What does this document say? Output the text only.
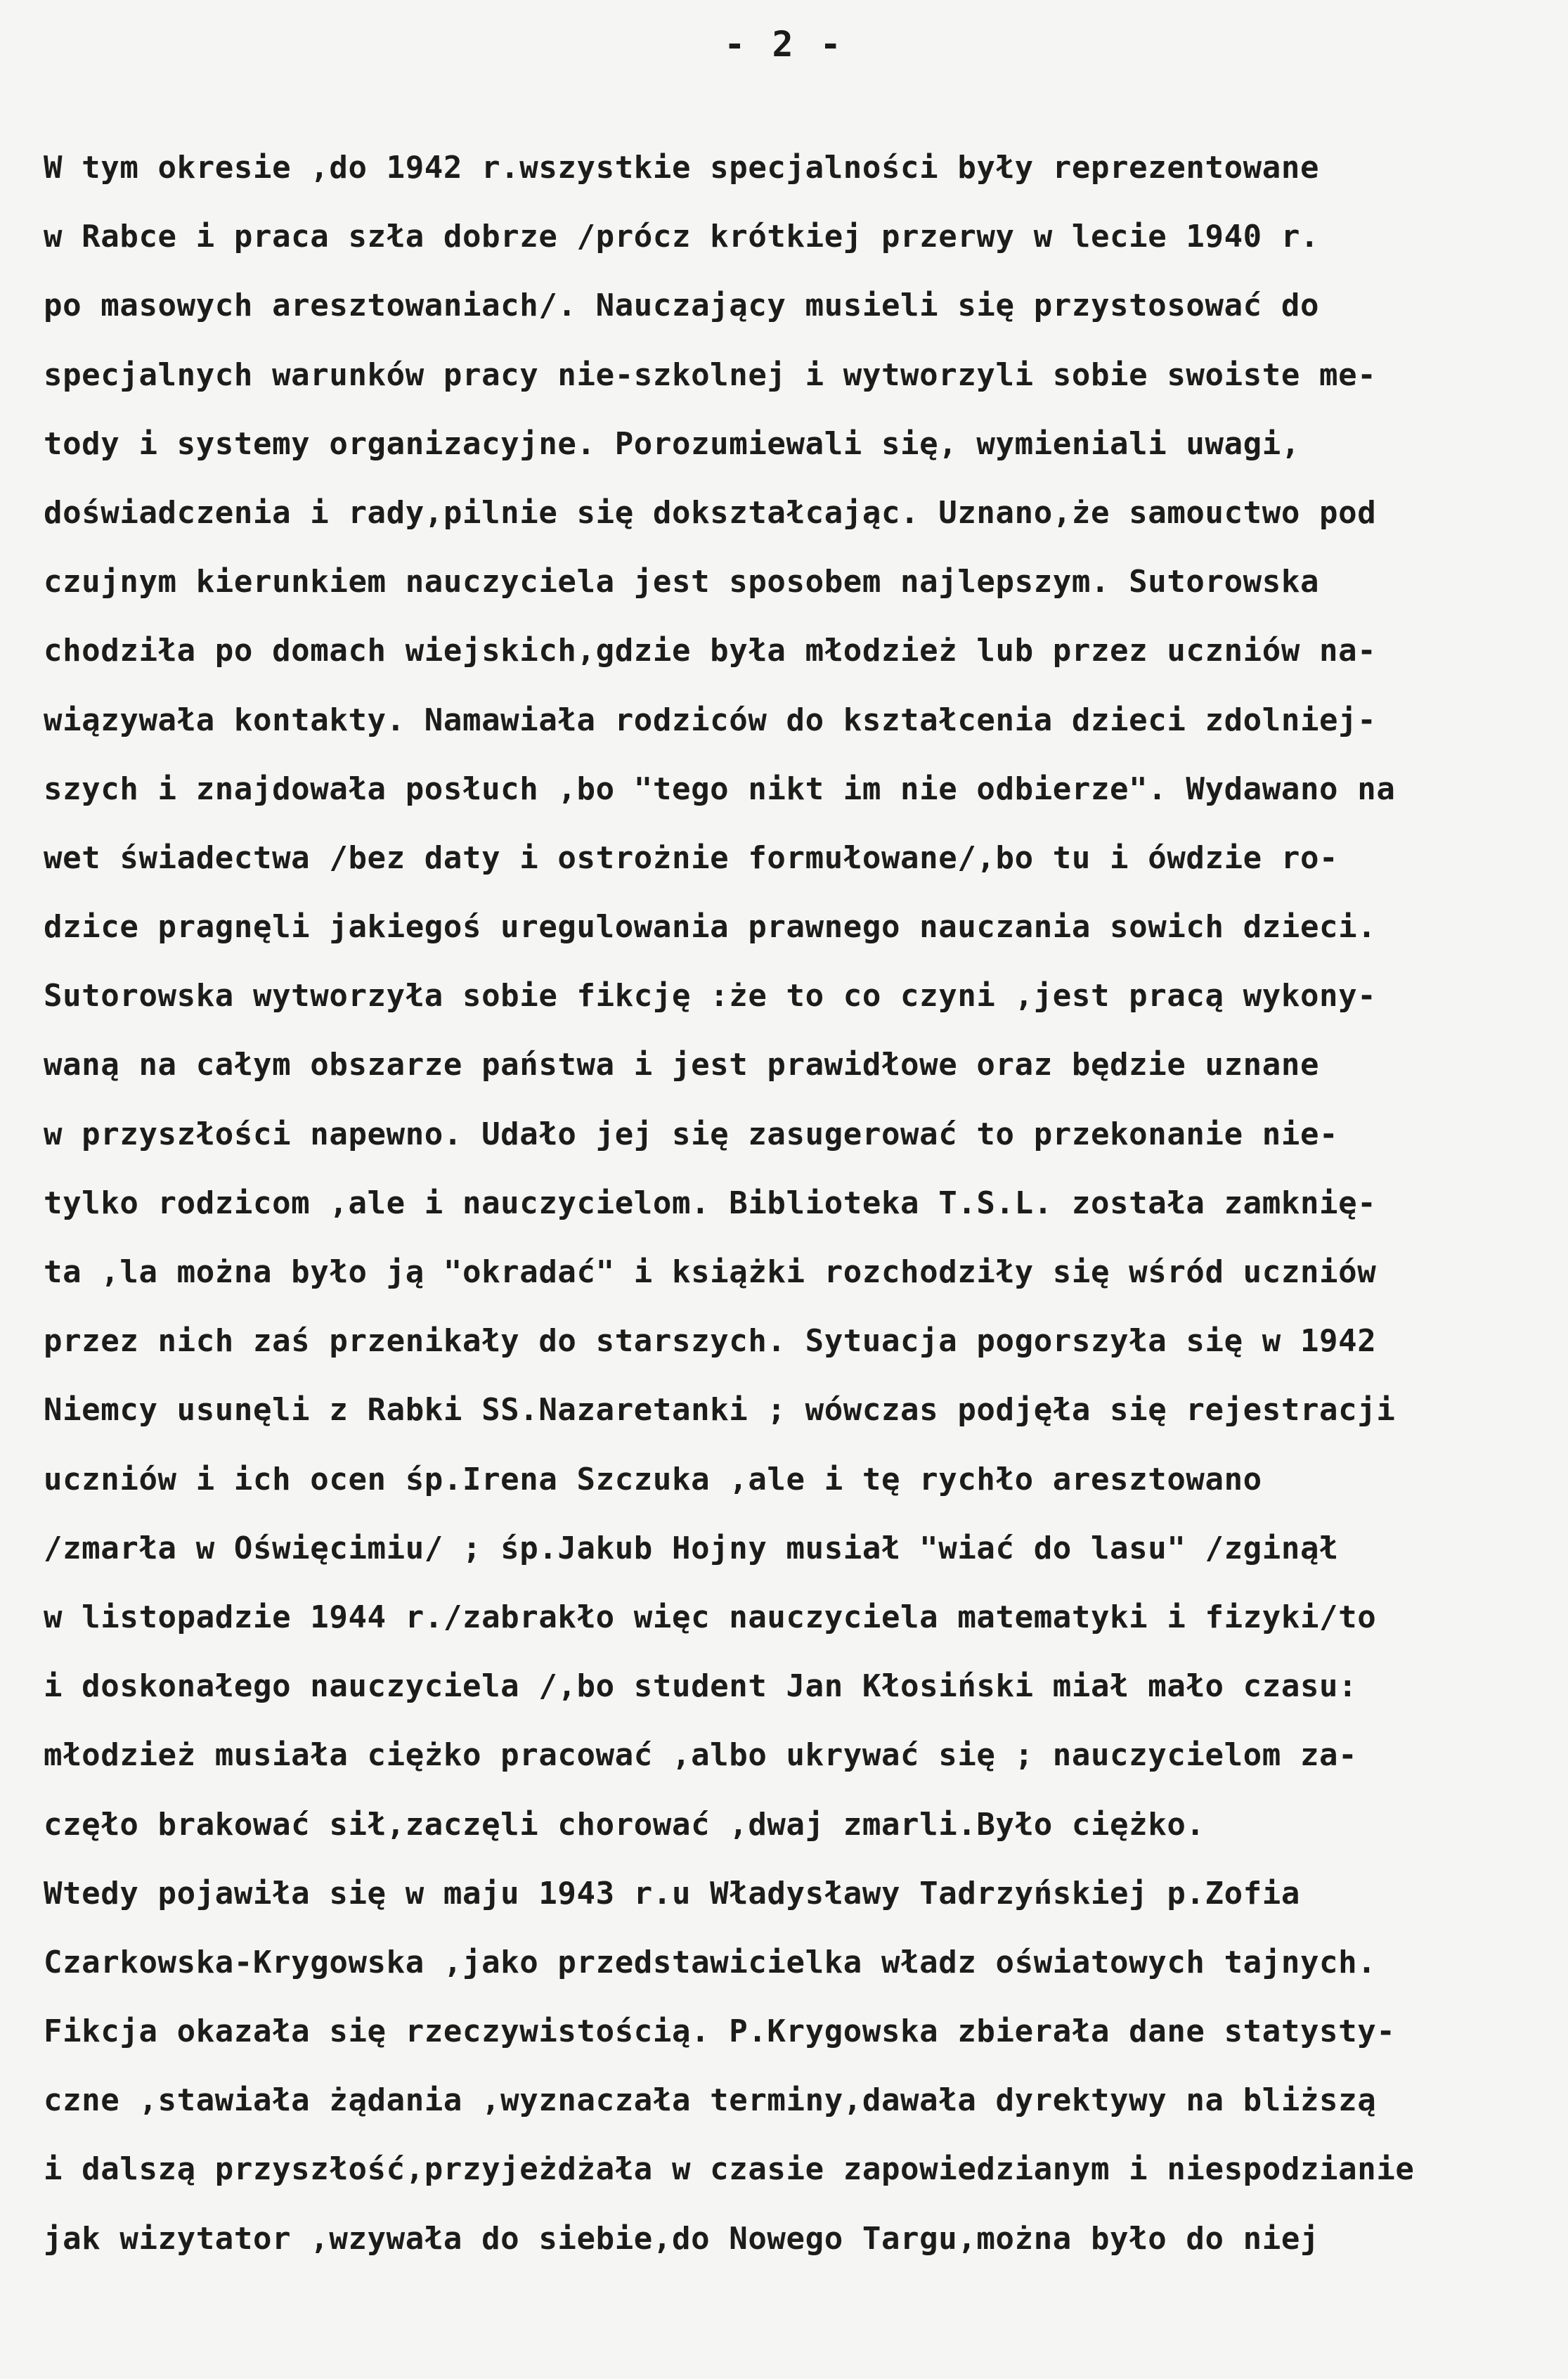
- 2 -
W tym okresie ,do 1942 r.wszystkie specjalności były reprezentowane
w Rabce i praca szła dobrze /prócz krótkiej przerwy w lecie 1940 r.
po masowych aresztowaniach/. Nauczający musieli się przystosować do
specjalnych warunków pracy nie-szkolnej i wytworzyli sobie swoiste me-
tody i systemy organizacyjne. Porozumiewali się, wymieniali uwagi,
doświadczenia i rady,pilnie się dokształcając. Uznano,że samouctwo pod
czujnym kierunkiem nauczyciela jest sposobem najlepszym. Sutorowska
chodziła po domach wiejskich,gdzie była młodzież lub przez uczniów na-
wiązywała kontakty. Namawiała rodziców do kształcenia dzieci zdolniej-
szych i znajdowała posłuch ,bo "tego nikt im nie odbierze". Wydawano na
wet świadectwa /bez daty i ostrożnie formułowane/,bo tu i ówdzie ro-
dzice pragnęli jakiegoś uregulowania prawnego nauczania sowich dzieci.
Sutorowska wytworzyła sobie fikcję :że to co czyni ,jest pracą wykony-
waną na całym obszarze państwa i jest prawidłowe oraz będzie uznane
w przyszłości napewno. Udało jej się zasugerować to przekonanie nie-
tylko rodzicom ,ale i nauczycielom. Biblioteka T.S.L. została zamknię-
ta ,la można było ją "okradać" i książki rozchodziły się wśród uczniów
przez nich zaś przenikały do starszych. Sytuacja pogorszyła się w 1942
Niemcy usunęli z Rabki SS.Nazaretanki ; wówczas podjęła się rejestracji
uczniów i ich ocen śp.Irena Szczuka ,ale i tę rychło aresztowano
/zmarła w Oświęcimiu/ ; śp.Jakub Hojny musiał "wiać do lasu" /zginął
w listopadzie 1944 r./zabrakło więc nauczyciela matematyki i fizyki/to
i doskonałego nauczyciela /,bo student Jan Kłosiński miał mało czasu:
młodzież musiała ciężko pracować ,albo ukrywać się ; nauczycielom za-
częło brakować sił,zaczęli chorować ,dwaj zmarli.Było ciężko.
Wtedy pojawiła się w maju 1943 r.u Władysławy Tadrzyńskiej p.Zofia
Czarkowska-Krygowska ,jako przedstawicielka władz oświatowych tajnych.
Fikcja okazała się rzeczywistością. P.Krygowska zbierała dane statysty-
czne ,stawiała żądania ,wyznaczała terminy,dawała dyrektywy na bliższą
i dalszą przyszłość,przyjeżdżała w czasie zapowiedzianym i niespodzianie
jak wizytator ,wzywała do siebie,do Nowego Targu,można było do niej
